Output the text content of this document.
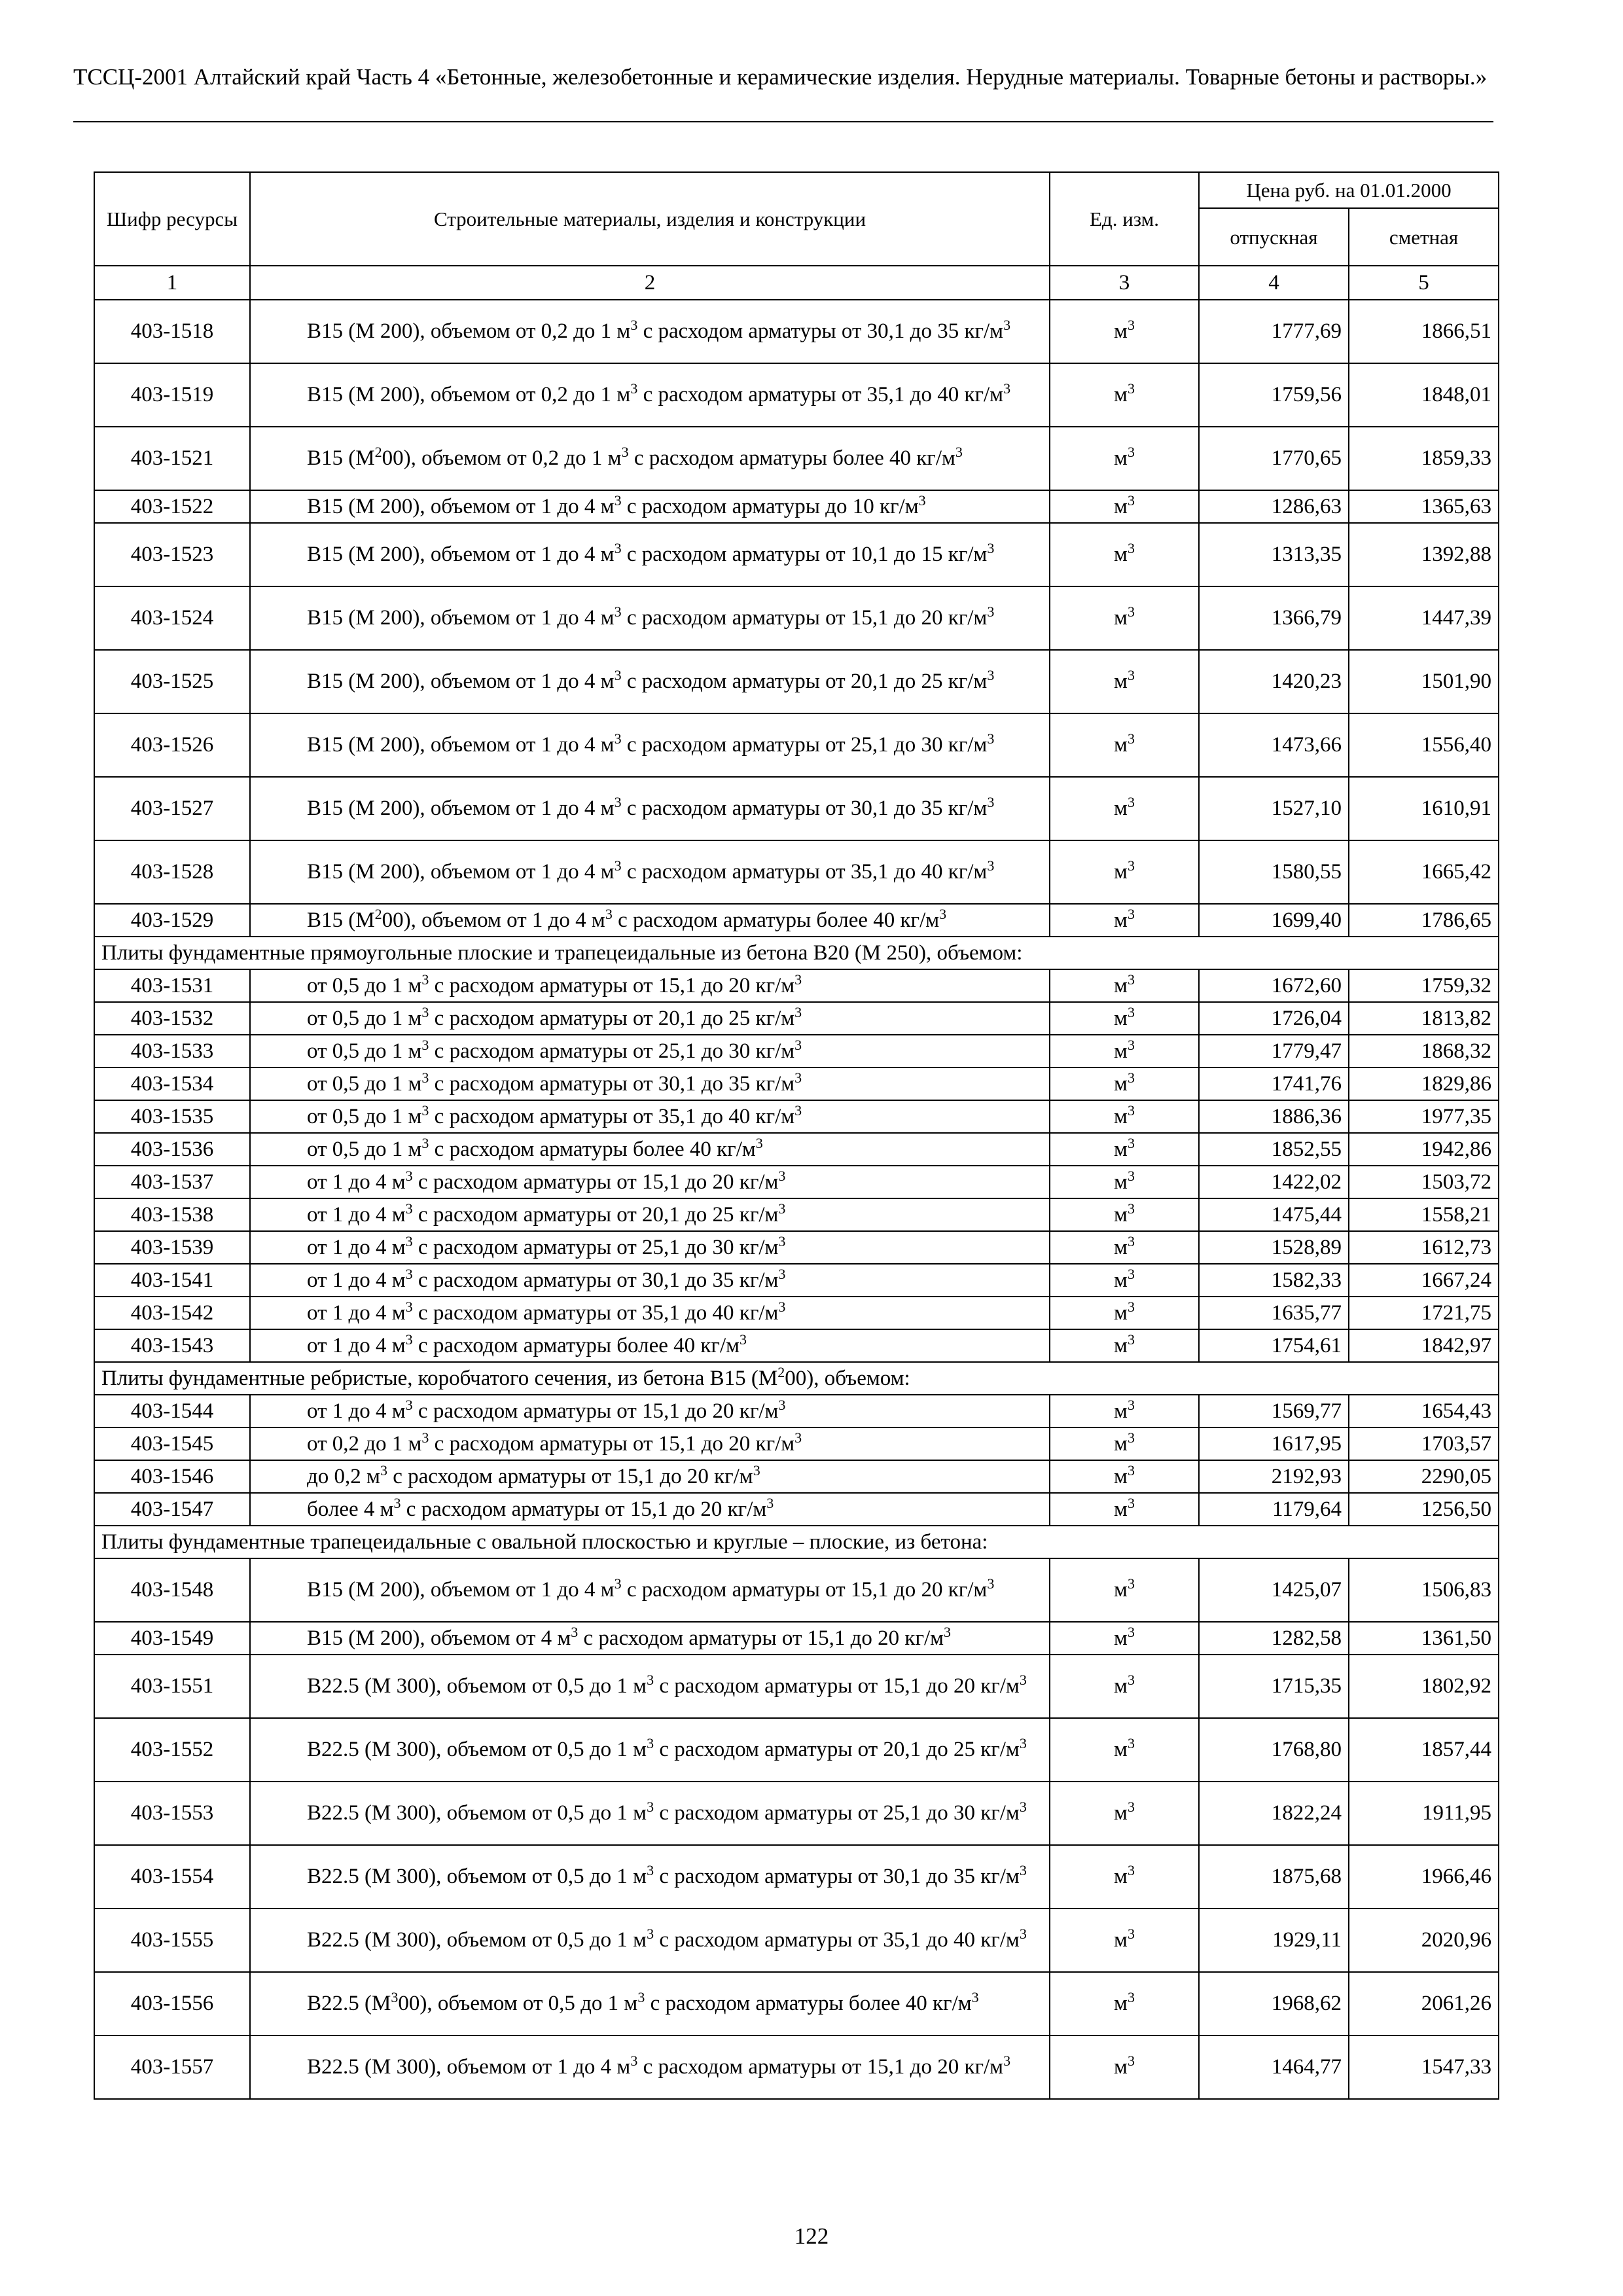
ТССЦ-2001 Алтайский край Часть 4 «Бетонные, железобетонные и керамические изделия. Нерудные материалы. Товарные бетоны и растворы.»
Шифр ресурсы	Строительные материалы, изделия и конструкции	Ед. изм.	Цена руб. на 01.01.2000	
			отпускная	сметная
1	2	3	4	5
403-1518	В15 (М 200), объемом от 0,2 до 1 $м^3$ с расходом арматуры от 30,1 до 35 $кг/м^3$	$м^3$	1777,69	1866,51
403-1519	В15 (М 200), объемом от 0,2 до 1 $м^3$ с расходом арматуры от 35,1 до 40 $кг/м^3$	$м^3$	1759,56	1848,01
403-1521	В15 $(М^200)$, объемом от 0,2 до 1 $м^3$ с расходом арматуры более 40 $кг/м^3$	$м^3$	1770,65	1859,33
403-1522	В15 (М 200), объемом от 1 до 4 $м^3$ с расходом арматуры до 10 $кг/м^3$	$м^3$	1286,63	1365,63
403-1523	В15 (М 200), объемом от 1 до 4 $м^3$ с расходом арматуры от 10,1 до 15 $кг/м^3$	$м^3$	1313,35	1392,88
403-1524	В15 (М 200), объемом от 1 до 4 $м^3$ с расходом арматуры от 15,1 до 20 $кг/м^3$	$м^3$	1366,79	1447,39
403-1525	В15 (М 200), объемом от 1 до 4 $м^3$ с расходом арматуры от 20,1 до 25 $кг/м^3$	$м^3$	1420,23	1501,90
403-1526	В15 (М 200), объемом от 1 до 4 $м^3$ с расходом арматуры от 25,1 до 30 $кг/м^3$	$м^3$	1473,66	1556,40
403-1527	В15 (М 200), объемом от 1 до 4 $м^3$ с расходом арматуры от 30,1 до 35 $кг/м^3$	$м^3$	1527,10	1610,91
403-1528	В15 (М 200), объемом от 1 до 4 $м^3$ с расходом арматуры от 35,1 до 40 $кг/м^3$	$м^3$	1580,55	1665,42
403-1529	В15 $(М^200)$, объемом от 1 до 4 $м^3$ с расходом арматуры более 40 $кг/м^3$	$м^3$	1699,40	1786,65
Плиты фундаментные прямоугольные плоские и трапецеидальные из бетона В20 (М 250), объемом:				
403-1531	от 0,5 до 1 $м^3$ с расходом арматуры от 15,1 до 20 $кг/м^3$	$м^3$	1672,60	1759,32
403-1532	от 0,5 до 1 $м^3$ с расходом арматуры от 20,1 до 25 $кг/м^3$	$м^3$	1726,04	1813,82
403-1533	от 0,5 до 1 $м^3$ с расходом арматуры от 25,1 до 30 $кг/м^3$	$м^3$	1779,47	1868,32
403-1534	от 0,5 до 1 $м^3$ с расходом арматуры от 30,1 до 35 $кг/м^3$	$м^3$	1741,76	1829,86
403-1535	от 0,5 до 1 $м^3$ с расходом арматуры от 35,1 до 40 $кг/м^3$	$м^3$	1886,36	1977,35
403-1536	от 0,5 до 1 $м^3$ с расходом арматуры более 40 $кг/м^3$	$м^3$	1852,55	1942,86
403-1537	от 1 до 4 $м^3$ с расходом арматуры от 15,1 до 20 $кг/м^3$	$м^3$	1422,02	1503,72
403-1538	от 1 до 4 $м^3$ с расходом арматуры от 20,1 до 25 $кг/м^3$	$м^3$	1475,44	1558,21
403-1539	от 1 до 4 $м^3$ с расходом арматуры от 25,1 до 30 $кг/м^3$	$м^3$	1528,89	1612,73
403-1541	от 1 до 4 $м^3$ с расходом арматуры от 30,1 до 35 $кг/м^3$	$м^3$	1582,33	1667,24
403-1542	от 1 до 4 $м^3$ с расходом арматуры от 35,1 до 40 $кг/м^3$	$м^3$	1635,77	1721,75
403-1543	от 1 до 4 $м^3$ с расходом арматуры более 40 $кг/м^3$	$м^3$	1754,61	1842,97
Плиты фундаментные ребристые, коробчатого сечения, из бетона В15 $(М^200)$, объемом:				
403-1544	от 1 до 4 $м^3$ с расходом арматуры от 15,1 до 20 $кг/м^3$	$м^3$	1569,77	1654,43
403-1545	от 0,2 до 1 $м^3$ с расходом арматуры от 15,1 до 20 $кг/м^3$	$м^3$	1617,95	1703,57
403-1546	до 0,2 $м^3$ с расходом арматуры от 15,1 до 20 $кг/м^3$	$м^3$	2192,93	2290,05
403-1547	более 4 $м^3$ с расходом арматуры от 15,1 до 20 $кг/м^3$	$м^3$	1179,64	1256,50
Плиты фундаментные трапецеидальные с овальной плоскостью и круглые – плоские, из бетона:				
403-1548	В15 (М 200), объемом от 1 до 4 $м^3$ с расходом арматуры от 15,1 до 20 $кг/м^3$	$м^3$	1425,07	1506,83
403-1549	В15 (М 200), объемом от 4 $м^3$ с расходом арматуры от 15,1 до 20 $кг/м^3$	$м^3$	1282,58	1361,50
403-1551	В22.5 (М 300), объемом от 0,5 до 1 $м^3$ с расходом арматуры от 15,1 до 20 $кг/м^3$	$м^3$	1715,35	1802,92
403-1552	В22.5 (М 300), объемом от 0,5 до 1 $м^3$ с расходом арматуры от 20,1 до 25 $кг/м^3$	$м^3$	1768,80	1857,44
403-1553	В22.5 (М 300), объемом от 0,5 до 1 $м^3$ с расходом арматуры от 25,1 до 30 $кг/м^3$	$м^3$	1822,24	1911,95
403-1554	В22.5 (М 300), объемом от 0,5 до 1 $м^3$ с расходом арматуры от 30,1 до 35 $кг/м^3$	$м^3$	1875,68	1966,46
403-1555	В22.5 (М 300), объемом от 0,5 до 1 $м^3$ с расходом арматуры от 35,1 до 40 $кг/м^3$	$м^3$	1929,11	2020,96
403-1556	В22.5 $(М^300)$, объемом от 0,5 до 1 $м^3$ с расходом арматуры более 40 $кг/м^3$	$м^3$	1968,62	2061,26
403-1557	В22.5 (М 300), объемом от 1 до 4 $м^3$ с расходом арматуры от 15,1 до 20 $кг/м^3$	$м^3$	1464,77	1547,33
122
